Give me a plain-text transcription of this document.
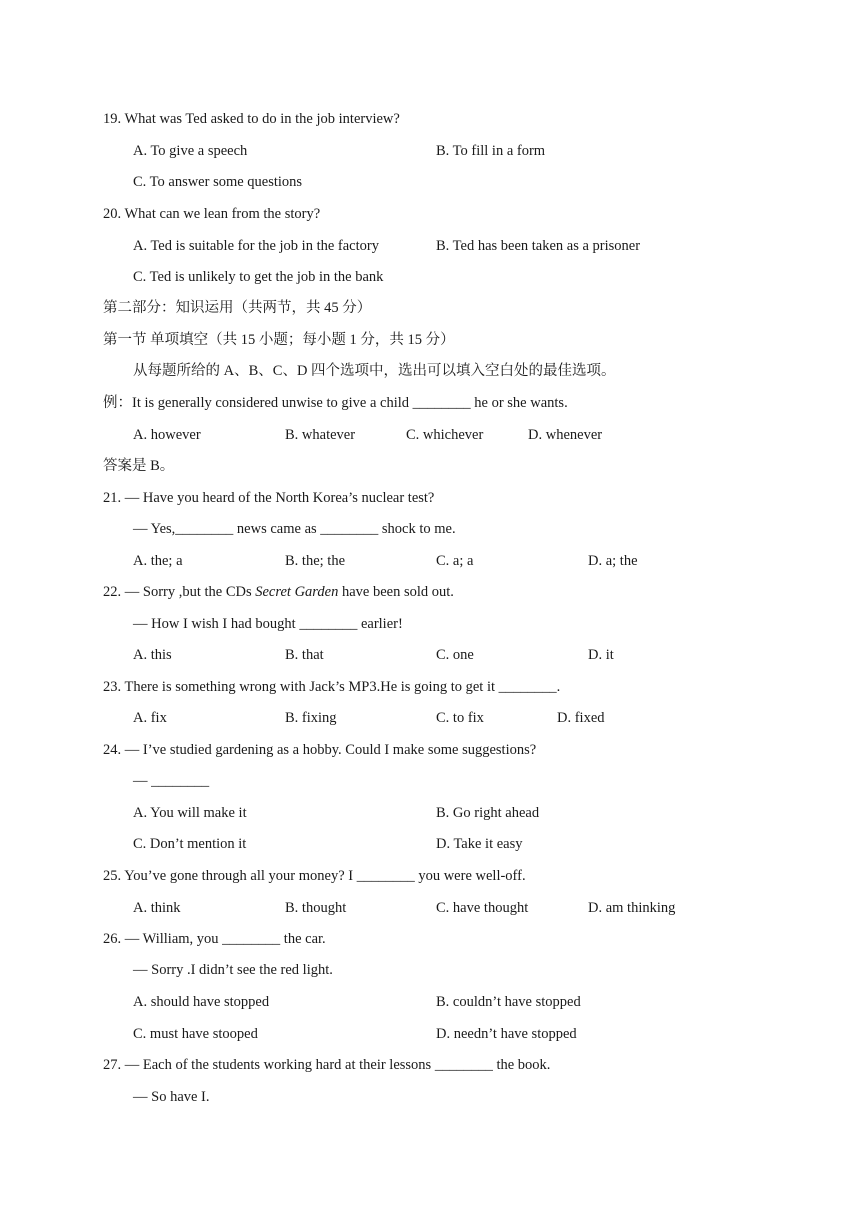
19. What was Ted asked to do in the job interview?
A. To give a speech	B. To fill in a form
C. To answer some questions
20. What can we lean from the story?
A. Ted is suitable for the job in the factory	B. Ted has been taken as a prisoner
C. Ted is unlikely to get the job in the bank
第二部分：知识运用（共两节，共 45 分）
第一节 单项填空（共 15 小题；每小题 1 分，共 15 分）
从每题所给的 A、B、C、D 四个选项中，选出可以填入空白处的最佳选项。
例：It is generally considered unwise to give a child ________ he or she wants.
A. however	B. whatever	C. whichever	D. whenever
答案是 B。
21. — Have you heard of the North Korea’s nuclear test?
— Yes,________ news came as ________ shock to me.
A. the; a	B. the; the	C. a; a	D. a; the
22. — Sorry ,but the CDs Secret Garden have been sold out.
— How I wish I had bought ________ earlier!
A. this	B. that	C. one	D. it
23. There is something wrong with Jack’s MP3.He is going to get it ________.
A. fix	B. fixing	C. to fix	D. fixed
24. — I’ve studied gardening as a hobby. Could I make some suggestions?
— ________
A. You will make it	B. Go right ahead
C. Don’t mention it	D. Take it easy
25. You’ve gone through all your money? I ________ you were well-off.
A. think	B. thought	C. have thought	D. am thinking
26. — William, you ________ the car.
— Sorry .I didn’t see the red light.
A. should have stopped	B. couldn’t have stopped
C. must have stooped	D. needn’t have stopped
27. — Each of the students working hard at their lessons ________ the book.
— So have I.
